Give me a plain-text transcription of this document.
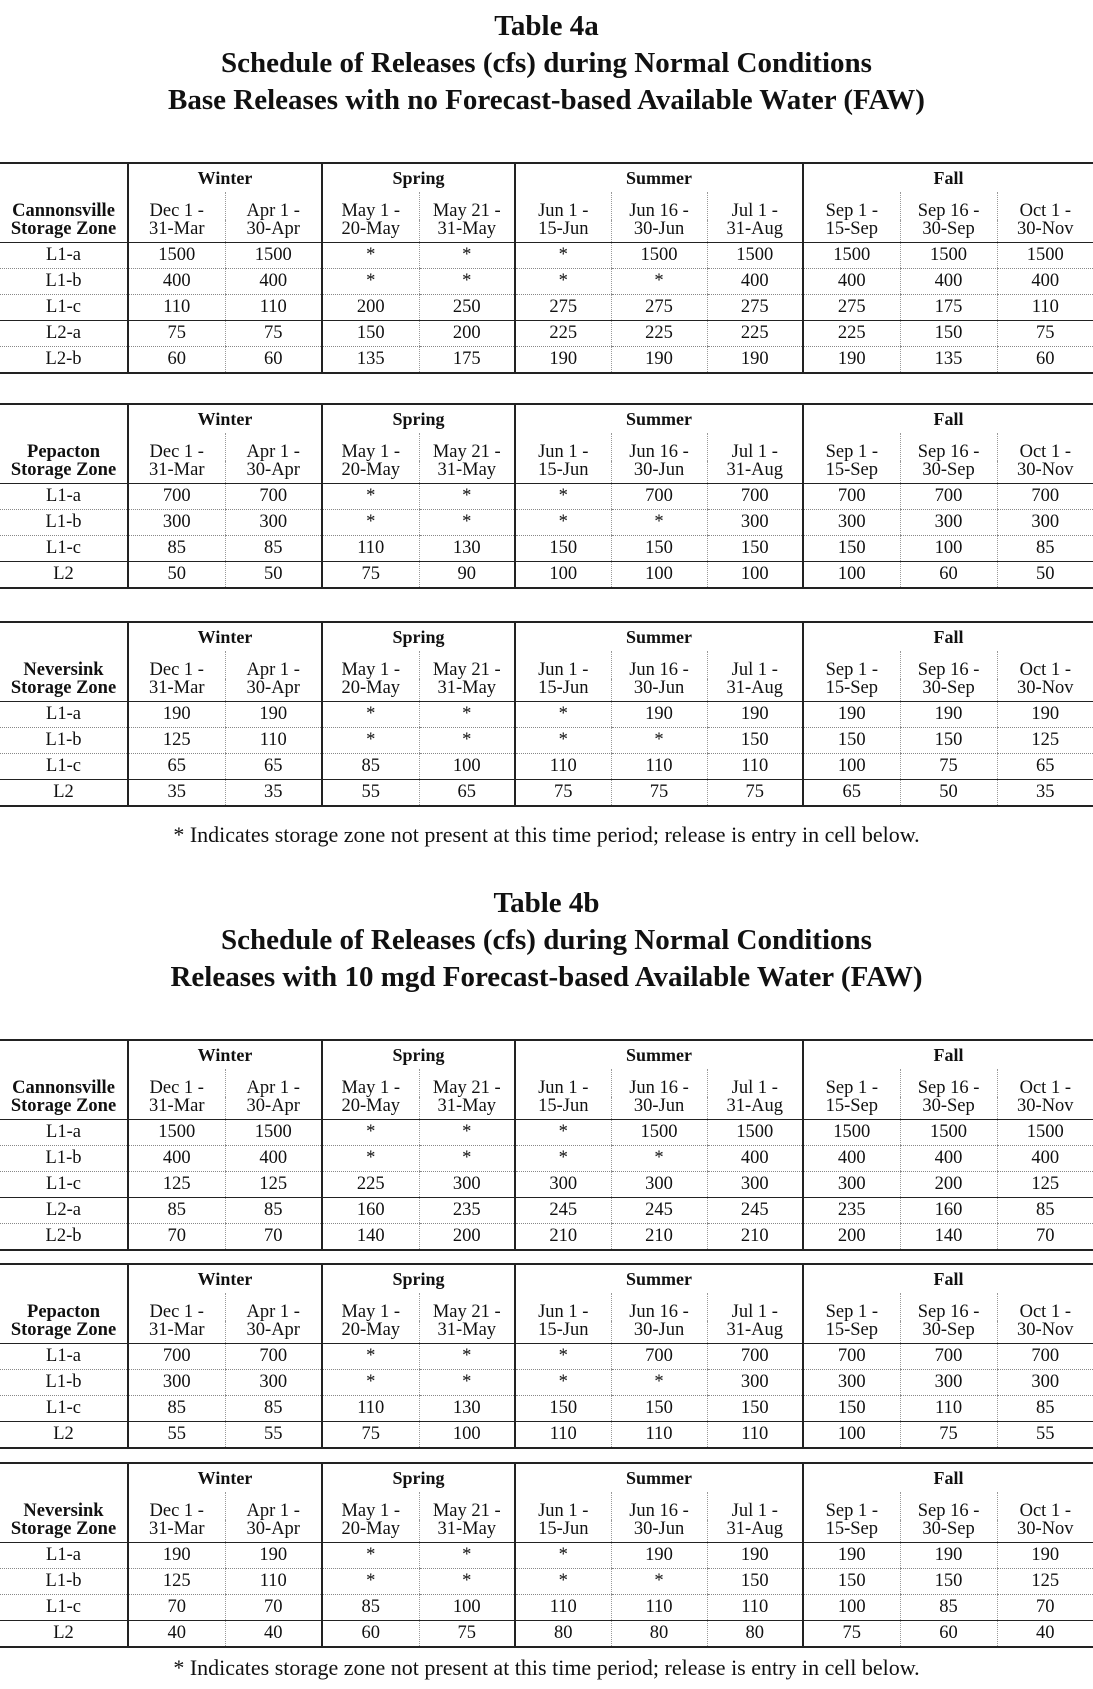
Table 4a
Schedule of Releases (cfs) during Normal Conditions
Base Releases with no Forecast-based Available Water (FAW)
	Winter		Spring		Summer			Fall		
Cannonsville	Dec 1 -	Apr 1 -	May 1 -	May 21 -	Jun 1 -	Jun 16 -	Jul 1 -	Sep 1 -	Sep 16 -	Oct 1 -
Storage Zone	31-Mar	30-Apr	20-May	31-May	15-Jun	30-Jun	31-Aug	15-Sep	30-Sep	30-Nov
L1-a	1500	1500	*	*	*	1500	1500	1500	1500	1500
L1-b	400	400	*	*	*	*	400	400	400	400
L1-c	110	110	200	250	275	275	275	275	175	110
L2-a	75	75	150	200	225	225	225	225	150	75
L2-b	60	60	135	175	190	190	190	190	135	60
	Winter		Spring		Summer			Fall		
Pepacton	Dec 1 -	Apr 1 -	May 1 -	May 21 -	Jun 1 -	Jun 16 -	Jul 1 -	Sep 1 -	Sep 16 -	Oct 1 -
Storage Zone	31-Mar	30-Apr	20-May	31-May	15-Jun	30-Jun	31-Aug	15-Sep	30-Sep	30-Nov
L1-a	700	700	*	*	*	700	700	700	700	700
L1-b	300	300	*	*	*	*	300	300	300	300
L1-c	85	85	110	130	150	150	150	150	100	85
L2	50	50	75	90	100	100	100	100	60	50
	Winter		Spring		Summer			Fall		
Neversink	Dec 1 -	Apr 1 -	May 1 -	May 21 -	Jun 1 -	Jun 16 -	Jul 1 -	Sep 1 -	Sep 16 -	Oct 1 -
Storage Zone	31-Mar	30-Apr	20-May	31-May	15-Jun	30-Jun	31-Aug	15-Sep	30-Sep	30-Nov
L1-a	190	190	*	*	*	190	190	190	190	190
L1-b	125	110	*	*	*	*	150	150	150	125
L1-c	65	65	85	100	110	110	110	100	75	65
L2	35	35	55	65	75	75	75	65	50	35
* Indicates storage zone not present at this time period; release is entry in cell below.
Table 4b
Schedule of Releases (cfs) during Normal Conditions
Releases with 10 mgd Forecast-based Available Water (FAW)
	Winter		Spring		Summer			Fall		
Cannonsville	Dec 1 -	Apr 1 -	May 1 -	May 21 -	Jun 1 -	Jun 16 -	Jul 1 -	Sep 1 -	Sep 16 -	Oct 1 -
Storage Zone	31-Mar	30-Apr	20-May	31-May	15-Jun	30-Jun	31-Aug	15-Sep	30-Sep	30-Nov
L1-a	1500	1500	*	*	*	1500	1500	1500	1500	1500
L1-b	400	400	*	*	*	*	400	400	400	400
L1-c	125	125	225	300	300	300	300	300	200	125
L2-a	85	85	160	235	245	245	245	235	160	85
L2-b	70	70	140	200	210	210	210	200	140	70
	Winter		Spring		Summer			Fall		
Pepacton	Dec 1 -	Apr 1 -	May 1 -	May 21 -	Jun 1 -	Jun 16 -	Jul 1 -	Sep 1 -	Sep 16 -	Oct 1 -
Storage Zone	31-Mar	30-Apr	20-May	31-May	15-Jun	30-Jun	31-Aug	15-Sep	30-Sep	30-Nov
L1-a	700	700	*	*	*	700	700	700	700	700
L1-b	300	300	*	*	*	*	300	300	300	300
L1-c	85	85	110	130	150	150	150	150	110	85
L2	55	55	75	100	110	110	110	100	75	55
	Winter		Spring		Summer			Fall		
Neversink	Dec 1 -	Apr 1 -	May 1 -	May 21 -	Jun 1 -	Jun 16 -	Jul 1 -	Sep 1 -	Sep 16 -	Oct 1 -
Storage Zone	31-Mar	30-Apr	20-May	31-May	15-Jun	30-Jun	31-Aug	15-Sep	30-Sep	30-Nov
L1-a	190	190	*	*	*	190	190	190	190	190
L1-b	125	110	*	*	*	*	150	150	150	125
L1-c	70	70	85	100	110	110	110	100	85	70
L2	40	40	60	75	80	80	80	75	60	40
* Indicates storage zone not present at this time period; release is entry in cell below.
